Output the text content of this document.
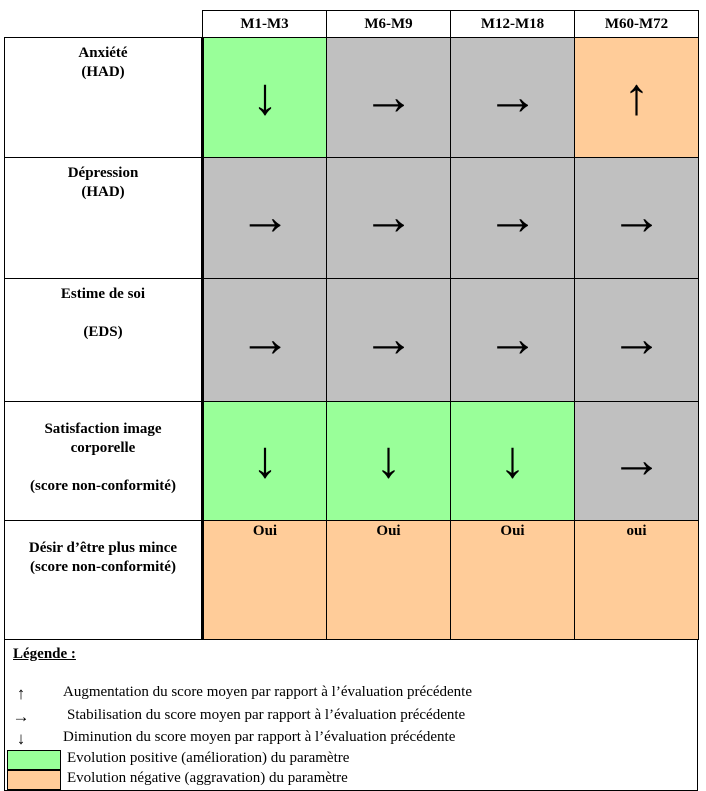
	M1-M3	M6-M9	M12-M18	M60-M72

Anxiété
(HAD)	↓	→	→	↑

Dépression
(HAD)	→	→	→	→

Estime de soi

(EDS)	→	→	→	→

Satisfaction image
corporelle

(score non-conformité)	↓	↓	↓	→

Désir d’être plus mince
(score non-conformité)	Oui	Oui	Oui	oui
Légende :
↑	Augmentation du score moyen par rapport à l’évaluation précédente
→	Stabilisation du score moyen par rapport à l’évaluation précédente
↓	Diminution du score moyen par rapport à l’évaluation précédente
Evolution positive (amélioration) du paramètre
Evolution négative (aggravation) du paramètre
